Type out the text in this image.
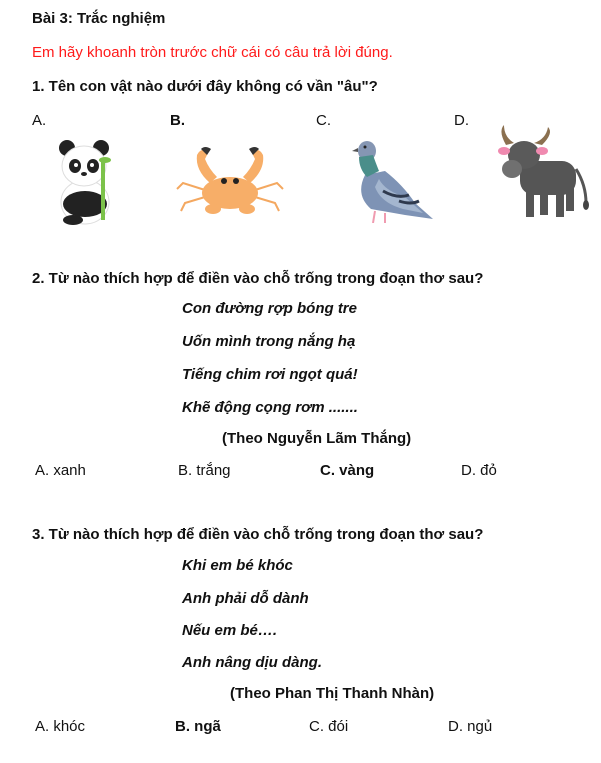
Bài 3: Trắc nghiệm
Em hãy khoanh tròn trước chữ cái có câu trả lời đúng.
1. Tên con vật nào dưới đây không có vần "âu"?
A.	B.	C.	D.
2. Từ nào thích hợp để điền vào chỗ trống trong đoạn thơ sau?
Con đường rợp bóng tre
Uốn mình trong nắng hạ
Tiếng chim rơi ngọt quá!
Khẽ động cọng rơm .......
(Theo Nguyễn Lãm Thắng)
A. xanh	B. trắng	C. vàng	D. đỏ
3. Từ nào thích hợp để điền vào chỗ trống trong đoạn thơ sau?
Khi em bé khóc
Anh phải dỗ dành
Nếu em bé….
Anh nâng dịu dàng.
(Theo Phan Thị Thanh Nhàn)
A. khóc	B. ngã	C. đói	D. ngủ
